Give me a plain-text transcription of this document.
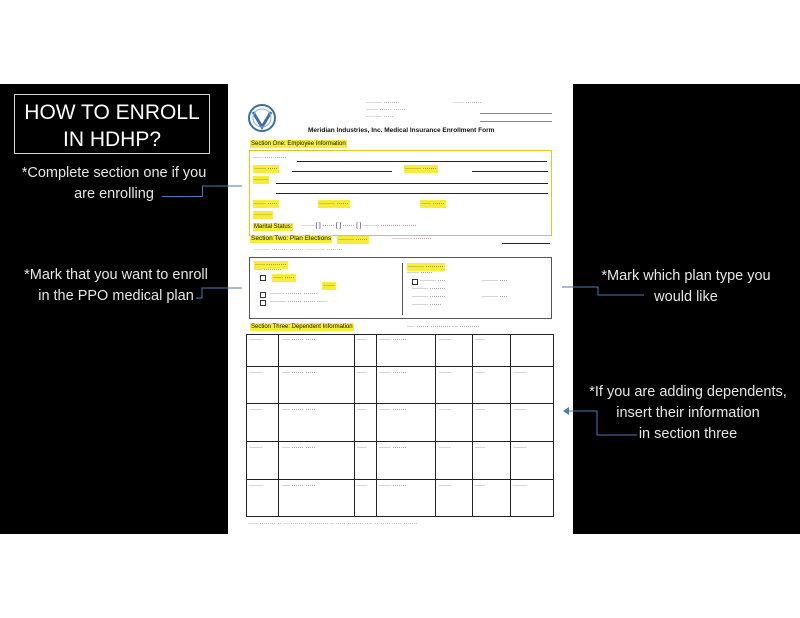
HOW TO ENROLL
IN HDHP?
*Complete section one if you
are enrolling
*Mark that you want to enroll
in the PPO medical plan
*Mark which plan type you
would like
*If you are adding dependents,
insert their information
in section three
········ ········
······ ······ ······
········ ·····
······ ········
Meridian Industries, Inc. Medical Insurance Enrollment Form
Section One: Employee Information
····· ···· ······
······ ·····	········ ·······
·······
······ ·····	········ ······	····· ······
·········
Marital Status: ······ [ ] ······ [ ] ······ [ ] ········ ·········· ·······
Section Two: Plan Elections ········ ······	·········· ·········
········ ········ ······· ·········· ········
····· ··········
···· ·········
····· ·····
······
······· ········ ·······
········ ······· ······ ·····
········ ·········
······ ······
········ ····	········ ····
········ ········
········ ········	········ ····
········ ······
Section Three: Dependent Information	···· ······ ·········· ··· ··········
·······	···· ······ ·····	····· ······ ·······	······	·····
·······	···· ······ ·····	····· ······ ·······	······	·····	·······
·······	···· ······ ·····	····· ······ ·······	······	·····	·······
·······	···· ······ ·····	····· ······ ·······	······	·····	·······
·······	···· ······ ·····	····· ······ ·······	······	·····	·······
····· ········ ·· ··· ········ ·········· ·· ····· ········ ···· ·· ····· ····· ·······
